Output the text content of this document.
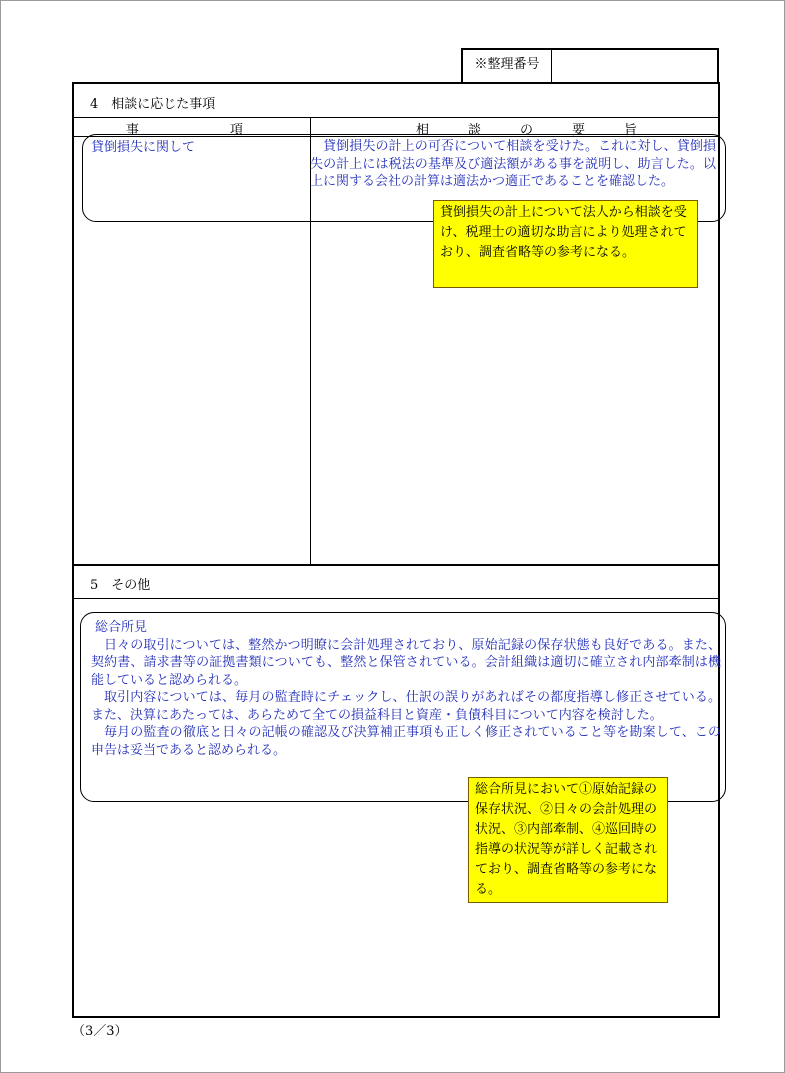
※整理番号
4　相談に応じた事項
事　　　　　　　項	相　　　談　　　の　　　要　　　旨
貸倒損失に関して	貸倒損失の計上の可否について相談を受けた。これに対し、貸倒損失の計上には税法の基準及び適法額がある事を説明し、助言した。以上に関する会社の計算は適法かつ適正であることを確認した。
5　その他

総合所見

日々の取引については、整然かつ明瞭に会計処理されており、原始記録の保存状態も良好である。また、契約書、請求書等の証拠書類についても、整然と保管されている。会計組織は適切に確立され内部牽制は機能していると認められる。

取引内容については、毎月の監査時にチェックし、仕訳の誤りがあればその都度指導し修正させている。また、決算にあたっては、あらためて全ての損益科目と資産・負債科目について内容を検討した。

毎月の監査の徹底と日々の記帳の確認及び決算補正事項も正しく修正されていること等を勘案して、この申告は妥当であると認められる。

貸倒損失の計上について法人から相談を受け、税理士の適切な助言により処理されており、調査省略等の参考になる。
総合所見において①原始記録の保存状況、②日々の会計処理の状況、③内部牽制、④巡回時の指導の状況等が詳しく記載されており、調査省略等の参考になる。
（3／3）
